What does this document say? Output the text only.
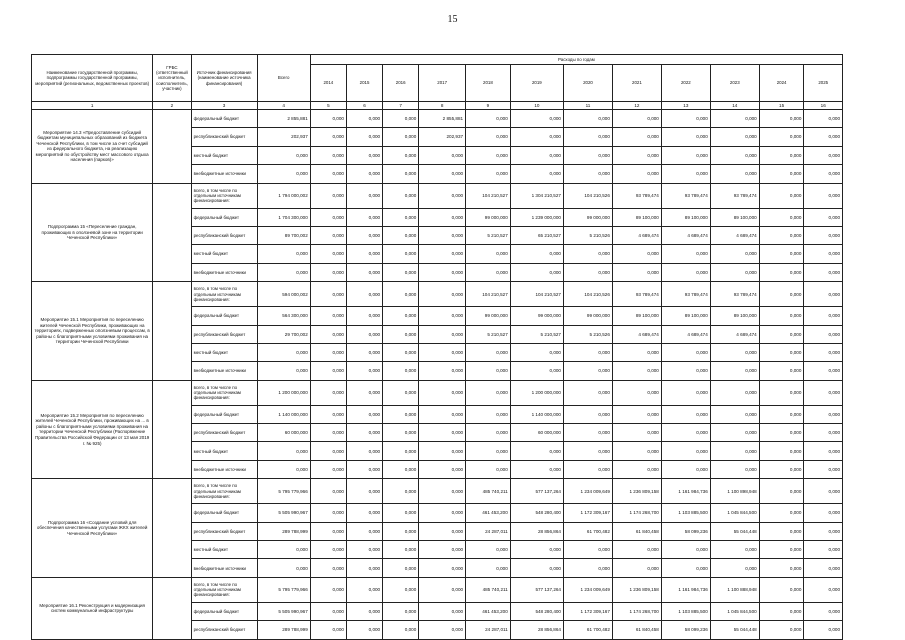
15
Наименование государственной программы, подпрограммы государственной программы, мероприятий (региональных, ведомственных проектов)	ГРБС (ответственный исполнитель, соисполнитель, участник)	Источник финансирования (наименование источника финансирования)	Всего	Расходы по годам											
				2014	2015	2016	2017	2018	2019	2020	2021	2022	2023	2024	2025
1	2	3	4	5	6	7	8	9	10	11	12	13	14	15	16
Мероприятие 14.3 «Предоставление субсидий бюджетам муниципальных образований из бюджета Чеченской Республики, в том числе за счет субсидий из федерального бюджета, на реализацию мероприятий по обустройству мест массового отдыха населения (парков)»		федеральный бюджет	2 855,881	0,000	0,000	0,000	2 855,881	0,000	0,000	0,000	0,000	0,000	0,000	0,000	0,000
		республиканский бюджет	202,937	0,000	0,000	0,000	202,937	0,000	0,000	0,000	0,000	0,000	0,000	0,000	0,000
		местный бюджет	0,000	0,000	0,000	0,000	0,000	0,000	0,000	0,000	0,000	0,000	0,000	0,000	0,000
		внебюджетные источники	0,000	0,000	0,000	0,000	0,000	0,000	0,000	0,000	0,000	0,000	0,000	0,000	0,000
Подпрограмма 15 «Переселение граждан, проживающих в оползневой зоне на территории Чеченской Республики»		всего, в том числе по отдельным источникам финансирования:	1 794 000,002	0,000	0,000	0,000	0,000	104 210,527	1 304 210,527	104 210,526	93 789,474	93 789,474	93 789,474	0,000	0,000
		федеральный бюджет	1 704 300,000	0,000	0,000	0,000	0,000	99 000,000	1 239 000,000	99 000,000	89 100,000	89 100,000	89 100,000	0,000	0,000
		республиканский бюджет	89 700,002	0,000	0,000	0,000	0,000	5 210,527	65 210,527	5 210,526	4 689,474	4 689,474	4 689,474	0,000	0,000
		местный бюджет	0,000	0,000	0,000	0,000	0,000	0,000	0,000	0,000	0,000	0,000	0,000	0,000	0,000
		внебюджетные источники	0,000	0,000	0,000	0,000	0,000	0,000	0,000	0,000	0,000	0,000	0,000	0,000	0,000
Мероприятие 15.1 Мероприятия по переселению жителей Чеченской Республики, проживающих на территориях, подверженных оползневым процессам, в районы с благоприятными условиями проживания на территории Чеченской Республики		всего, в том числе по отдельным источникам финансирования:	594 000,002	0,000	0,000	0,000	0,000	104 210,527	104 210,527	104 210,526	93 789,474	93 789,474	93 789,474	0,000	0,000
		федеральный бюджет	564 300,000	0,000	0,000	0,000	0,000	99 000,000	99 000,000	99 000,000	89 100,000	89 100,000	89 100,000	0,000	0,000
		республиканский бюджет	29 700,002	0,000	0,000	0,000	0,000	5 210,527	5 210,527	5 210,526	4 689,474	4 689,474	4 689,474	0,000	0,000
		местный бюджет	0,000	0,000	0,000	0,000	0,000	0,000	0,000	0,000	0,000	0,000	0,000	0,000	0,000
		внебюджетные источники	0,000	0,000	0,000	0,000	0,000	0,000	0,000	0,000	0,000	0,000	0,000	0,000	0,000
Мероприятие 15.2 Мероприятия по переселению жителей Чеченской Республики, проживающих на ... в районы с благоприятными условиями проживания на территории Чеченской Республики (Распоряжение Правительства Российской Федерации от 13 мая 2019 г. № 925)		всего, в том числе по отдельным источникам финансирования:	1 200 000,000	0,000	0,000	0,000	0,000	0,000	1 200 000,000	0,000	0,000	0,000	0,000	0,000	0,000
		федеральный бюджет	1 140 000,000	0,000	0,000	0,000	0,000	0,000	1 140 000,000	0,000	0,000	0,000	0,000	0,000	0,000
		республиканский бюджет	60 000,000	0,000	0,000	0,000	0,000	0,000	60 000,000	0,000	0,000	0,000	0,000	0,000	0,000
		местный бюджет	0,000	0,000	0,000	0,000	0,000	0,000	0,000	0,000	0,000	0,000	0,000	0,000	0,000
		внебюджетные источники	0,000	0,000	0,000	0,000	0,000	0,000	0,000	0,000	0,000	0,000	0,000	0,000	0,000
Подпрограмма 16 «Создание условий для обеспечения качественными услугами ЖКХ жителей Чеченской Республики»		всего, в том числе по отдельным источникам финансирования:	5 795 779,966	0,000	0,000	0,000	0,000	485 740,211	577 137,264	1 234 009,649	1 236 809,158	1 161 984,736	1 100 898,948	0,000	0,000
		федеральный бюджет	5 505 990,967	0,000	0,000	0,000	0,000	461 453,200	548 280,400	1 172 309,167	1 174 268,700	1 103 885,500	1 045 844,500	0,000	0,000
		республиканский бюджет	289 788,999	0,000	0,000	0,000	0,000	24 287,011	28 856,864	61 700,482	61 840,458	58 099,236	55 044,448	0,000	0,000
		местный бюджет	0,000	0,000	0,000	0,000	0,000	0,000	0,000	0,000	0,000	0,000	0,000	0,000	0,000
		внебюджетные источники	0,000	0,000	0,000	0,000	0,000	0,000	0,000	0,000	0,000	0,000	0,000	0,000	0,000
Мероприятие 16.1 Реконструкция и модернизация систем коммунальной инфраструктуры		всего, в том числе по отдельным источникам финансирования:	5 795 779,966	0,000	0,000	0,000	0,000	485 740,211	577 137,264	1 234 009,649	1 236 809,158	1 161 984,736	1 100 888,948	0,000	0,000
		федеральный бюджет	5 505 990,967	0,000	0,000	0,000	0,000	461 453,200	548 280,400	1 172 309,167	1 174 268,700	1 103 885,500	1 045 844,500	0,000	0,000
		республиканский бюджет	289 788,999	0,000	0,000	0,000	0,000	24 287,011	28 856,864	61 700,482	61 840,458	58 099,236	55 044,448	0,000	0,000
